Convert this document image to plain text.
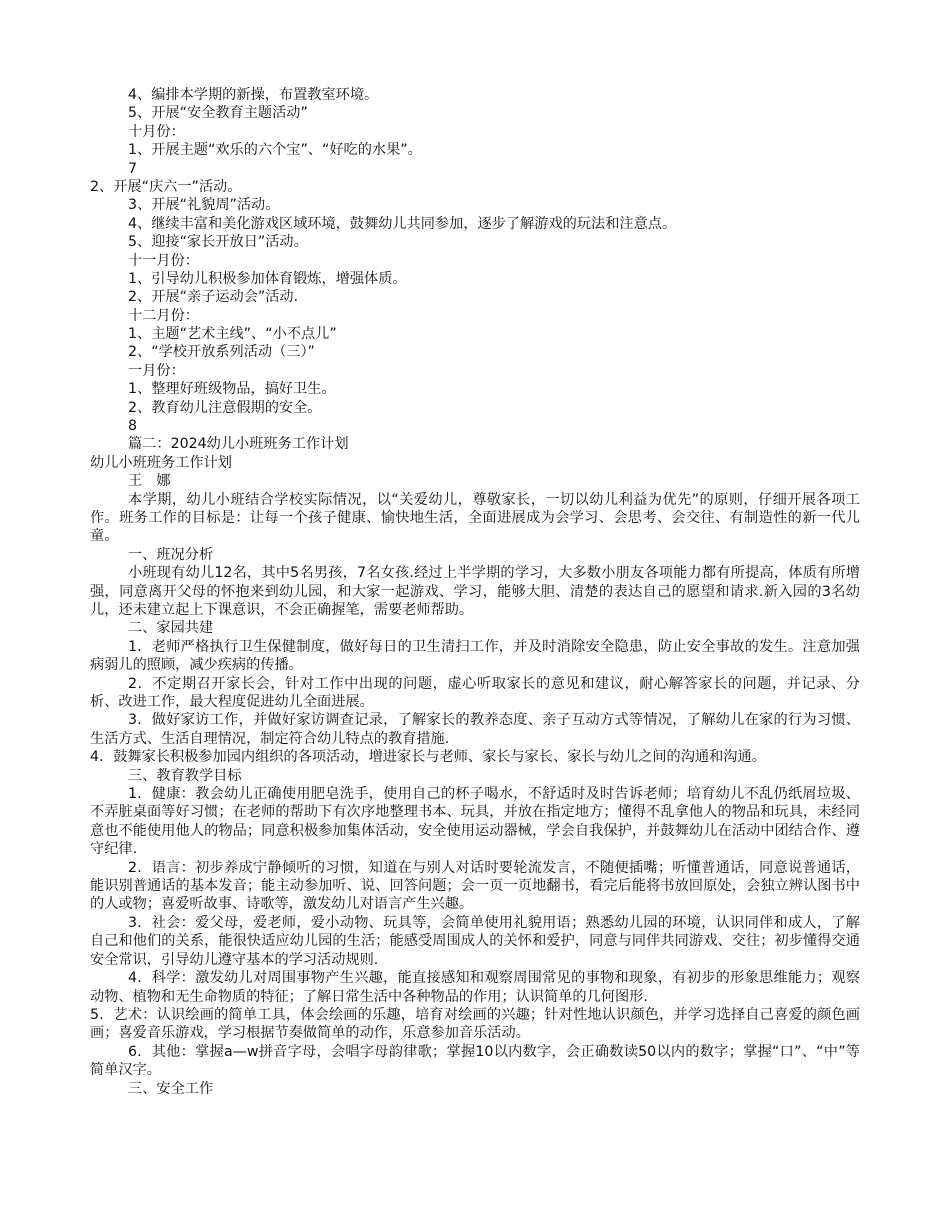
4、编排本学期的新操，布置教室环境。
5、开展“安全教育主题活动”
十月份：
1、开展主题“欢乐的六个宝”、“好吃的水果”。
7
2、开展“庆六一”活动。
3、开展“礼貌周”活动。
4、继续丰富和美化游戏区域环境，鼓舞幼儿共同参加，逐步了解游戏的玩法和注意点。
5、迎接“家长开放日”活动。
十一月份：
1、引导幼儿积极参加体育锻炼，增强体质。
2、开展“亲子运动会”活动.
十二月份：
1、主题“艺术主线”、“小不点儿”
2、“学校开放系列活动（三）”
一月份：
1、整理好班级物品，搞好卫生。
2、教育幼儿注意假期的安全。
8
篇二：2024幼儿小班班务工作计划
幼儿小班班务工作计划
王　娜

本学期，幼儿小班结合学校实际情况，以“关爱幼儿，尊敬家长，一切以幼儿利益为优先”的原则，仔细开展各项工作。班务工作的目标是：让每一个孩子健康、愉快地生活，全面进展成为会学习、会思考、会交往、有制造性的新一代儿童。

一、班况分析

小班现有幼儿12名，其中5名男孩，7名女孩.经过上半学期的学习，大多数小朋友各项能力都有所提高，体质有所增强，同意离开父母的怀抱来到幼儿园，和大家一起游戏、学习，能够大胆、清楚的表达自己的愿望和请求.新入园的3名幼儿，还未建立起上下课意识，不会正确握笔，需要老师帮助。

二、家园共建

1．老师严格执行卫生保健制度，做好每日的卫生清扫工作，并及时消除安全隐患，防止安全事故的发生。注意加强病弱儿的照顾，减少疾病的传播。

2．不定期召开家长会，针对工作中出现的问题，虚心听取家长的意见和建议，耐心解答家长的问题，并记录、分析、改进工作，最大程度促进幼儿全面进展。

3．做好家访工作，并做好家访调查记录，了解家长的教养态度、亲子互动方式等情况，了解幼儿在家的行为习惯、生活方式、生活自理情况，制定符合幼儿特点的教育措施.

4．鼓舞家长积极参加园内组织的各项活动，增进家长与老师、家长与家长、家长与幼儿之间的沟通和沟通。

三、教育教学目标

1．健康：教会幼儿正确使用肥皂洗手，使用自己的杯子喝水，不舒适时及时告诉老师；培育幼儿不乱仍纸屑垃圾、不弄脏桌面等好习惯；在老师的帮助下有次序地整理书本、玩具，并放在指定地方；懂得不乱拿他人的物品和玩具，未经同意也不能使用他人的物品；同意积极参加集体活动，安全使用运动器械，学会自我保护，并鼓舞幼儿在活动中团结合作、遵守纪律.

2．语言：初步养成宁静倾听的习惯，知道在与别人对话时要轮流发言，不随便插嘴；听懂普通话，同意说普通话，能识别普通话的基本发音；能主动参加听、说、回答问题；会一页一页地翻书，看完后能将书放回原处，会独立辨认图书中的人或物；喜爱听故事、诗歌等，激发幼儿对语言产生兴趣。

3．社会：爱父母，爱老师，爱小动物、玩具等，会简单使用礼貌用语；熟悉幼儿园的环境，认识同伴和成人，了解自己和他们的关系，能很快适应幼儿园的生活；能感受周围成人的关怀和爱护，同意与同伴共同游戏、交往；初步懂得交通安全常识，引导幼儿遵守基本的学习活动规则.

4．科学：激发幼儿对周围事物产生兴趣，能直接感知和观察周围常见的事物和现象，有初步的形象思维能力；观察动物、植物和无生命物质的特征；了解日常生活中各种物品的作用；认识简单的几何图形.

5．艺术：认识绘画的简单工具，体会绘画的乐趣，培育对绘画的兴趣；针对性地认识颜色，并学习选择自己喜爱的颜色画画；喜爱音乐游戏，学习根据节奏做简单的动作，乐意参加音乐活动。

6．其他：掌握a—w拼音字母，会唱字母韵律歌；掌握10以内数字，会正确数读50以内的数字；掌握“口”、“中”等简单汉字。

三、安全工作
